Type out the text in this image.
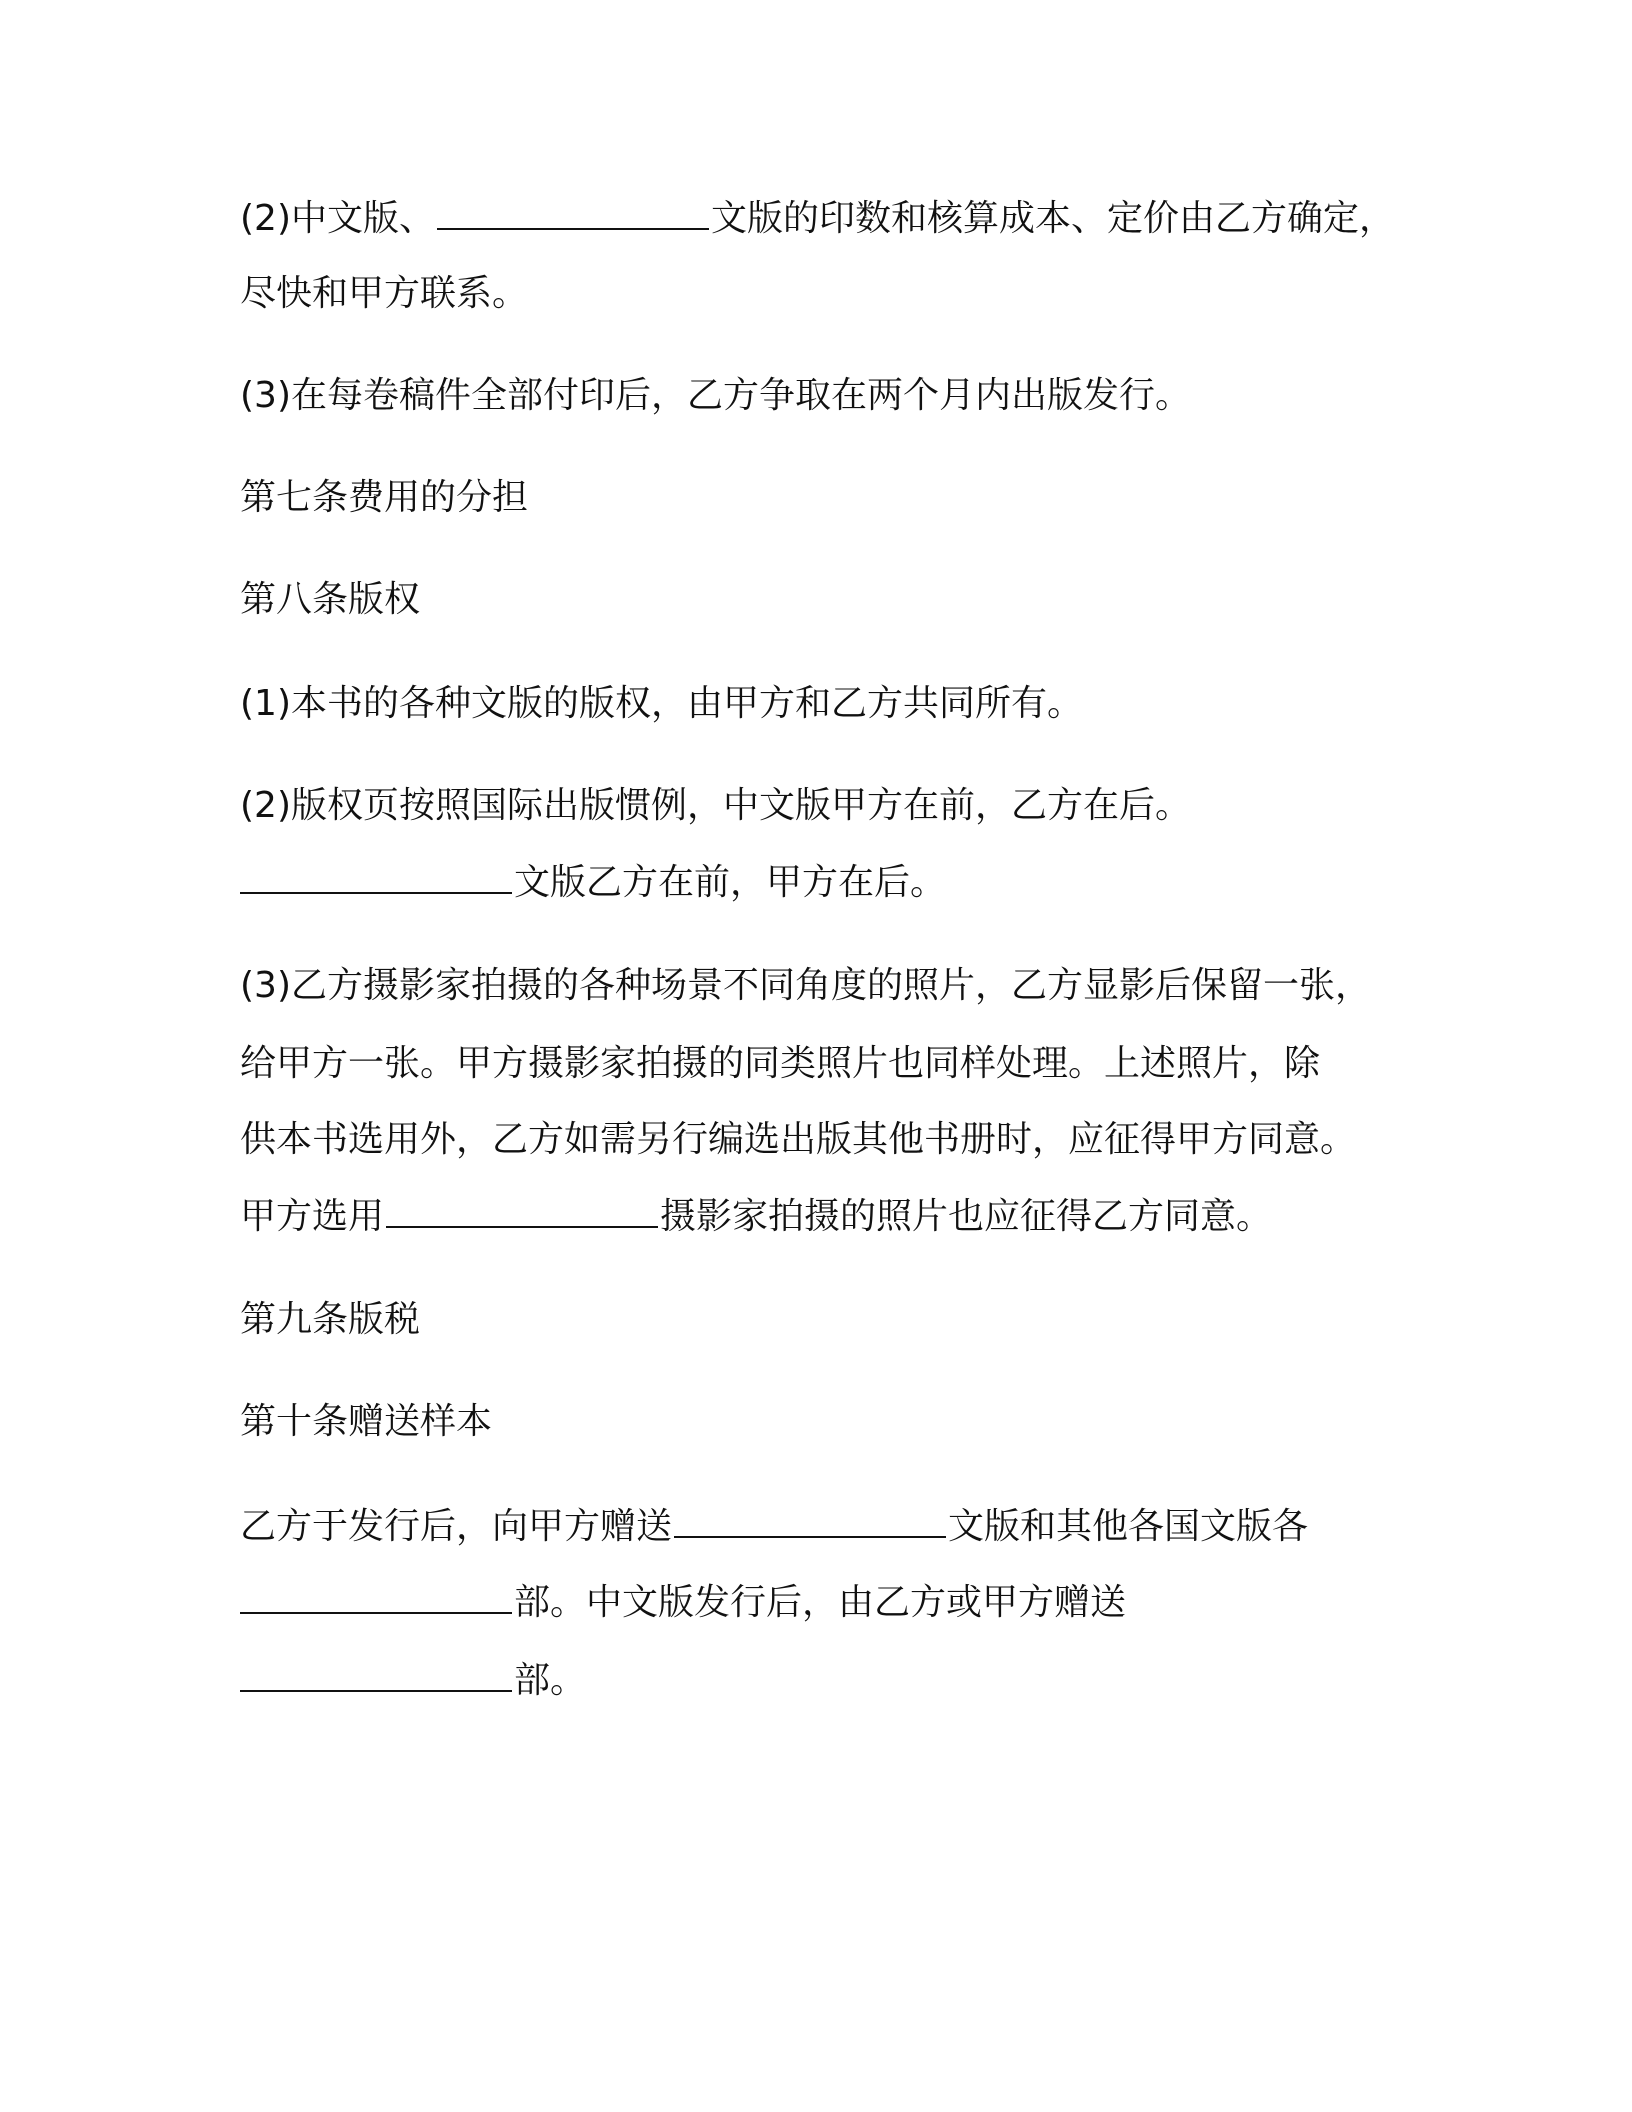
(2)中文版、	文版的印数和核算成本、定价由乙方确定，
尽快和甲方联系。
(3)在每卷稿件全部付印后，乙方争取在两个月内出版发行。
第七条费用的分担
第八条版权
(1)本书的各种文版的版权，由甲方和乙方共同所有。
(2)版权页按照国际出版惯例，中文版甲方在前，乙方在后。
文版乙方在前，甲方在后。
(3)乙方摄影家拍摄的各种场景不同角度的照片，乙方显影后保留一张，
给甲方一张。甲方摄影家拍摄的同类照片也同样处理。上述照片，除
供本书选用外，乙方如需另行编选出版其他书册时，应征得甲方同意。
甲方选用	摄影家拍摄的照片也应征得乙方同意。
第九条版税
第十条赠送样本
乙方于发行后，向甲方赠送	文版和其他各国文版各
部。中文版发行后，由乙方或甲方赠送
部。
